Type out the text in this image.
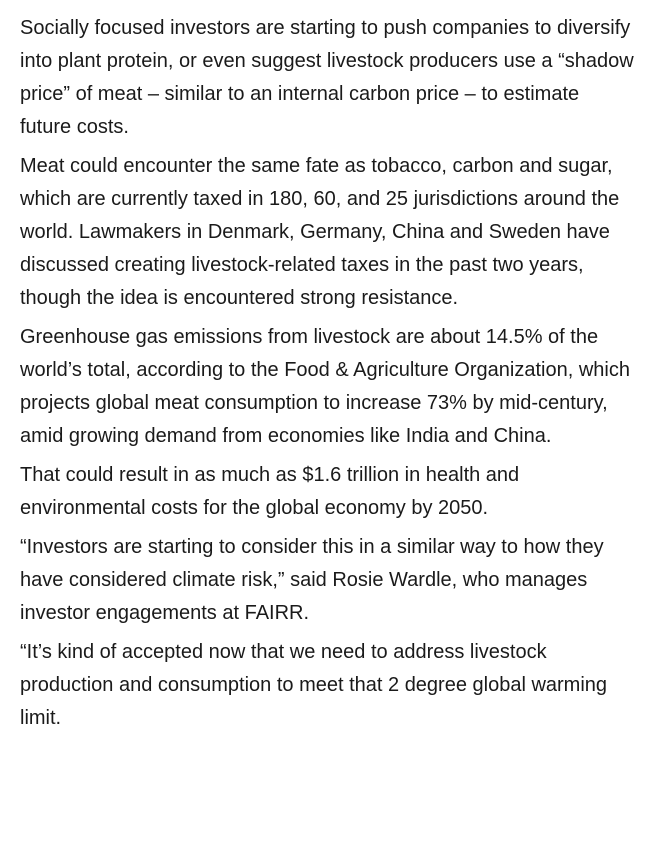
Socially focused investors are starting to push companies to diversify into plant protein, or even suggest livestock producers use a “shadow price” of meat – similar to an internal carbon price – to estimate future costs.

Meat could encounter the same fate as tobacco, carbon and sugar, which are currently taxed in 180, 60, and 25 jurisdictions around the world. Lawmakers in Denmark, Germany, China and Sweden have discussed creating livestock-related taxes in the past two years, though the idea is encountered strong resistance.

Greenhouse gas emissions from livestock are about 14.5% of the world’s total, according to the Food & Agriculture Organization, which projects global meat consumption to increase 73% by mid-century, amid growing demand from economies like India and China.

That could result in as much as $1.6 trillion in health and environmental costs for the global economy by 2050.

“Investors are starting to consider this in a similar way to how they have considered climate risk,” said Rosie Wardle, who manages investor engagements at FAIRR.

“It’s kind of accepted now that we need to address livestock production and consumption to meet that 2 degree global warming limit.
